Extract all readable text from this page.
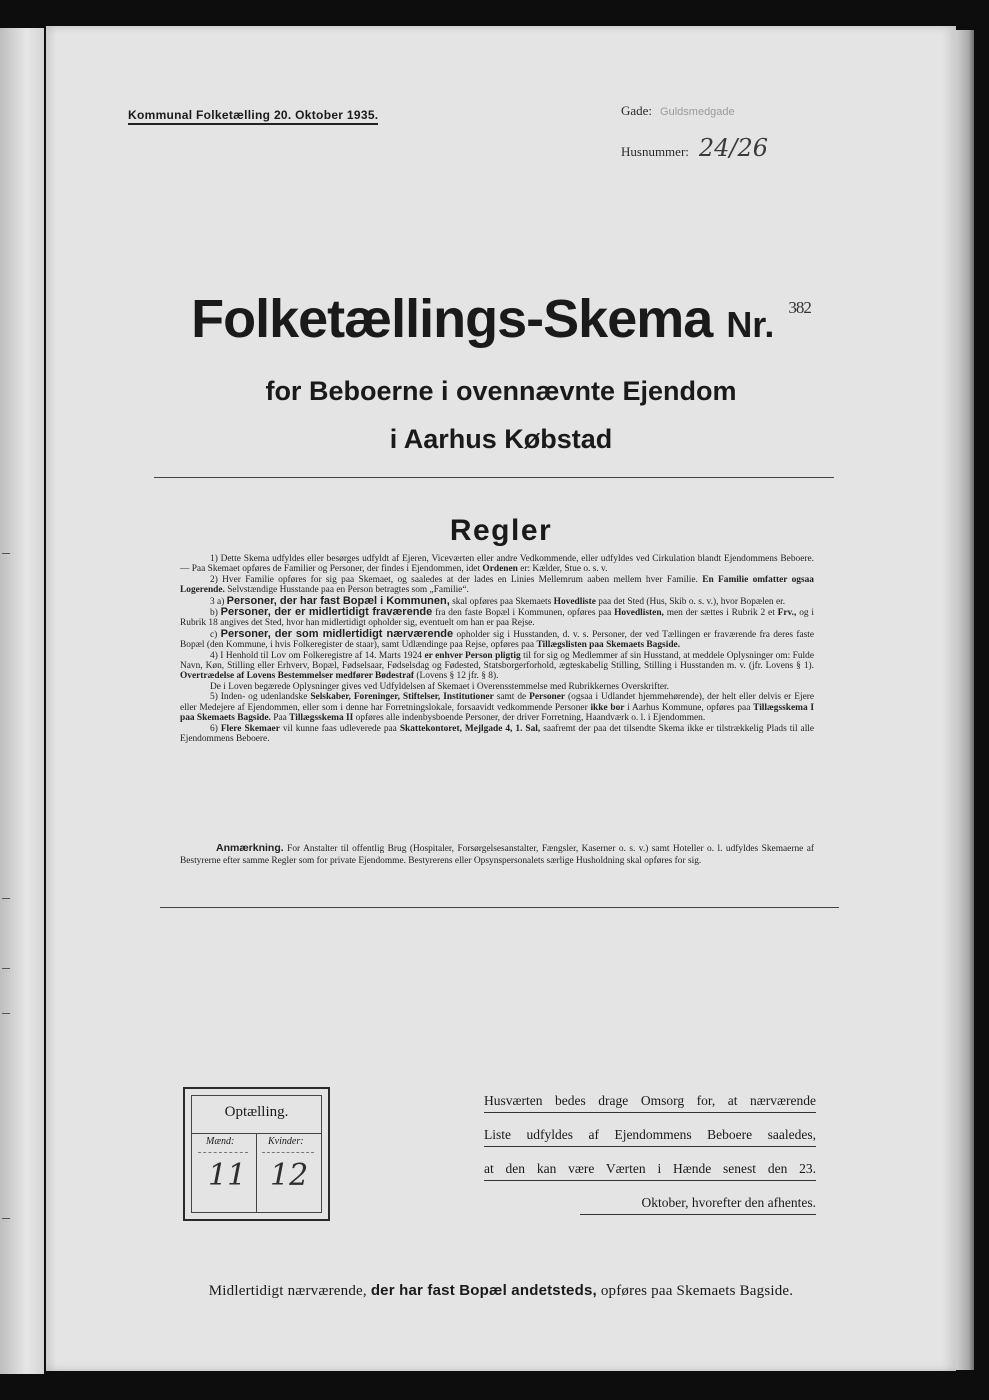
Kommunal Folketælling 20. Oktober 1935.	Gade: Guldsmedgade
Husnummer: 24/26
Folketællings-Skema Nr. $^{382}$
for Beboerne i ovennævnte Ejendom
i Aarhus Købstad
Regler

1) Dette Skema udfyldes eller besørges udfyldt af Ejeren, Viceværten eller andre Vedkommende, eller udfyldes ved Cirkulation blandt Ejendommens Beboere. — Paa Skemaet opføres de Familier og Personer, der findes i Ejendommen, idet Ordenen er: Kælder, Stue o. s. v.

2) Hver Familie opføres for sig paa Skemaet, og saaledes at der lades en Linies Mellemrum aaben mellem hver Familie. En Familie omfatter ogsaa Logerende. Selvstændige Husstande paa en Person betragtes som „Familie“.

3 a) Personer, der har fast Bopæl i Kommunen, skal opføres paa Skemaets Hovedliste paa det Sted (Hus, Skib o. s. v.), hvor Bopælen er.

b) Personer, der er midlertidigt fraværende fra den faste Bopæl i Kommunen, opføres paa Hovedlisten, men der sættes i Rubrik 2 et Frv., og i Rubrik 18 angives det Sted, hvor han midlertidigt opholder sig, eventuelt om han er paa Rejse.

c) Personer, der som midlertidigt nærværende opholder sig i Husstanden, d. v. s. Personer, der ved Tællingen er fraværende fra deres faste Bopæl (den Kommune, i hvis Folkeregister de staar), samt Udlændinge paa Rejse, opføres paa Tillægslisten paa Skemaets Bagside.

4) I Henhold til Lov om Folkeregistre af 14. Marts 1924 er enhver Person pligtig til for sig og Medlemmer af sin Husstand, at meddele Oplysninger om: Fulde Navn, Køn, Stilling eller Erhverv, Bopæl, Fødselsaar, Fødselsdag og Fødested, Statsborgerforhold, ægteskabelig Stilling, Stilling i Husstanden m. v. (jfr. Lovens § 1). Overtrædelse af Lovens Bestemmelser medfører Bødestraf (Lovens § 12 jfr. § 8).

De i Loven begærede Oplysninger gives ved Udfyldelsen af Skemaet i Overensstemmelse med Rubrikkernes Overskrifter.

5) Inden- og udenlandske Selskaber, Foreninger, Stiftelser, Institutioner samt de Personer (ogsaa i Udlandet hjemmehørende), der helt eller delvis er Ejere eller Medejere af Ejendommen, eller som i denne har Forretningslokale, forsaavidt vedkommende Personer ikke bor i Aarhus Kommune, opføres paa Tillægsskema I paa Skemaets Bagside. Paa Tillægsskema II opføres alle indenbysboende Personer, der driver Forretning, Haandværk o. l. i Ejendommen.

6) Flere Skemaer vil kunne faas udleverede paa Skattekontoret, Mejlgade 4, 1. Sal, saafremt der paa det tilsendte Skema ikke er tilstrækkelig Plads til alle Ejendommens Beboere.

Anmærkning. For Anstalter til offentlig Brug (Hospitaler, Forsørgelsesanstalter, Fængsler, Kaserner o. s. v.) samt Hoteller o. l. udfyldes Skemaerne af Bestyrerne efter samme Regler som for private Ejendomme. Bestyrerens eller Opsynspersonalets særlige Husholdning skal opføres for sig.

Optælling.
Mænd:	Kvinder:
11 12
Husværten bedes drage Omsorg for, at nærværende
Liste udfyldes af Ejendommens Beboere saaledes,
at den kan være Værten i Hænde senest den 23.
Oktober, hvorefter den afhentes.
Midlertidigt nærværende, der har fast Bopæl andetsteds, opføres paa Skemaets Bagside.
